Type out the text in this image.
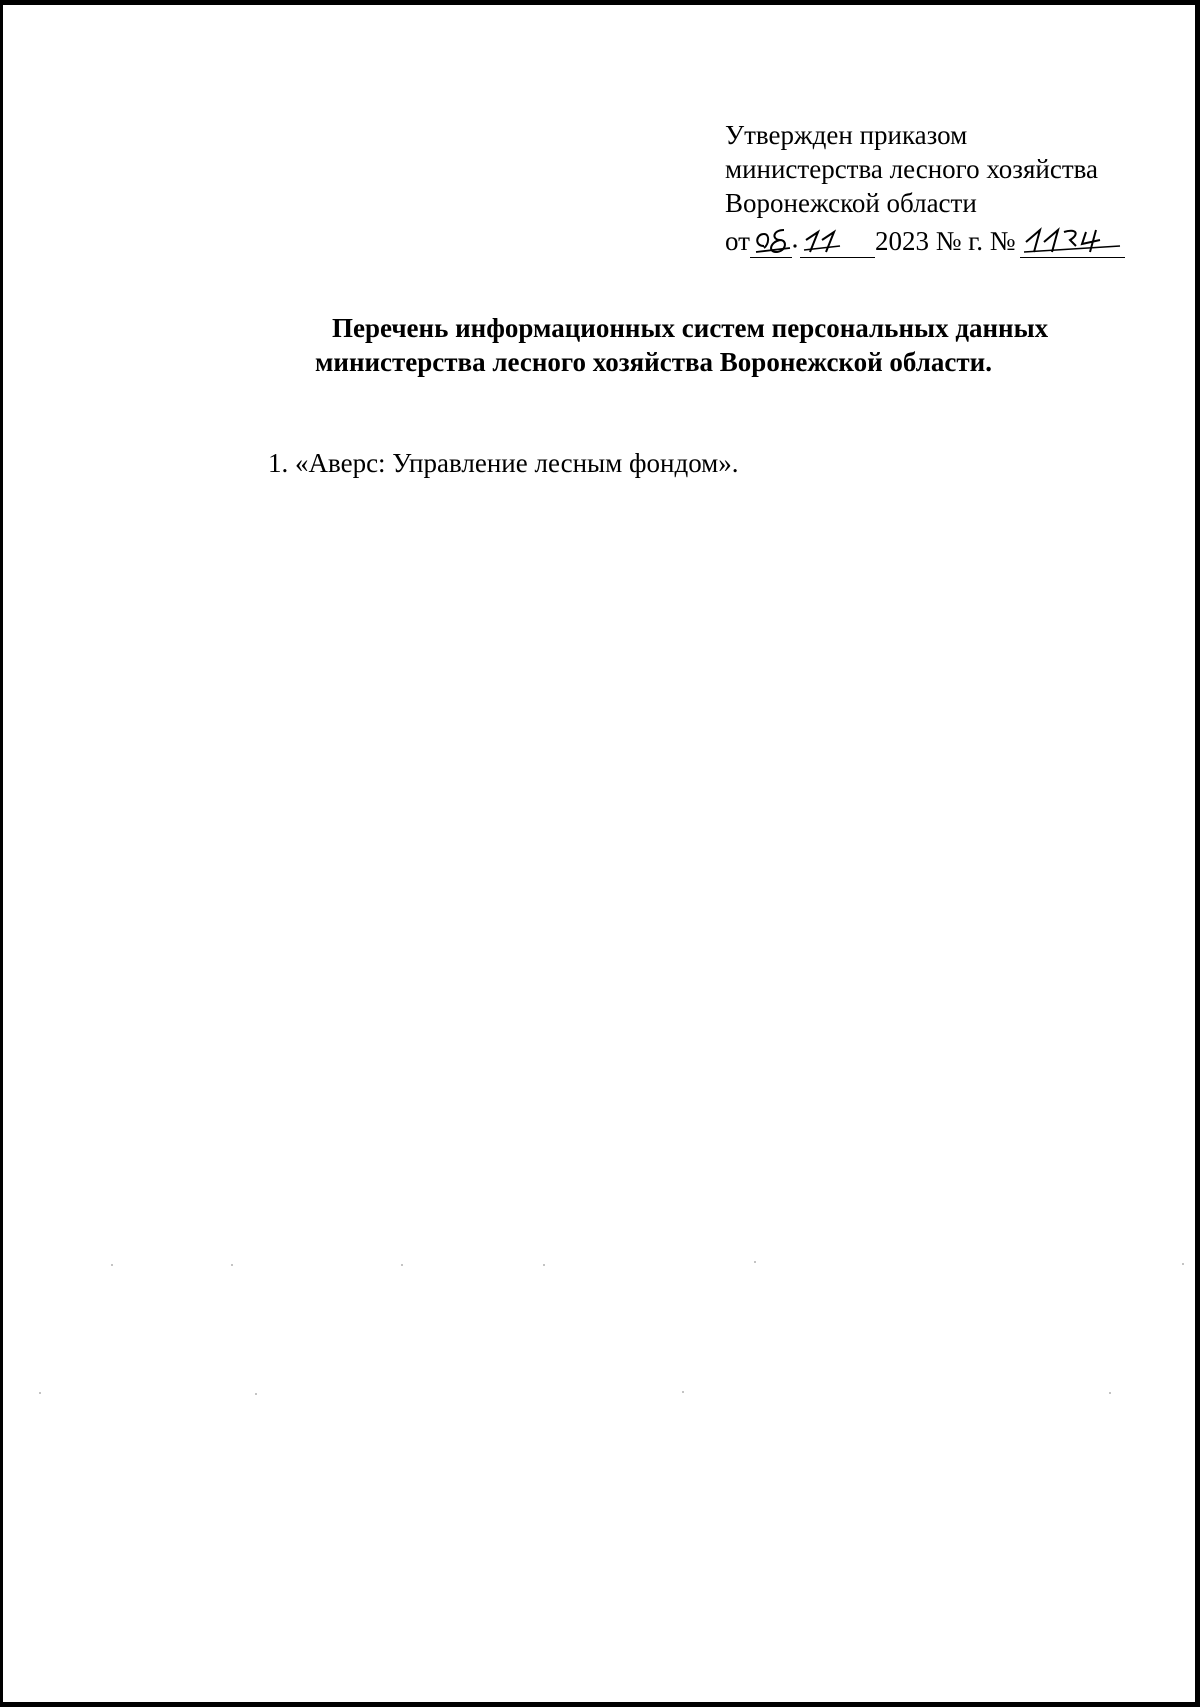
Утвержден приказом
министерства лесного хозяйства
Воронежской области
от	2023 № г. №
Перечень информационных систем персональных данных
министерства лесного хозяйства Воронежской области.
1. «Аверс: Управление лесным фондом».
